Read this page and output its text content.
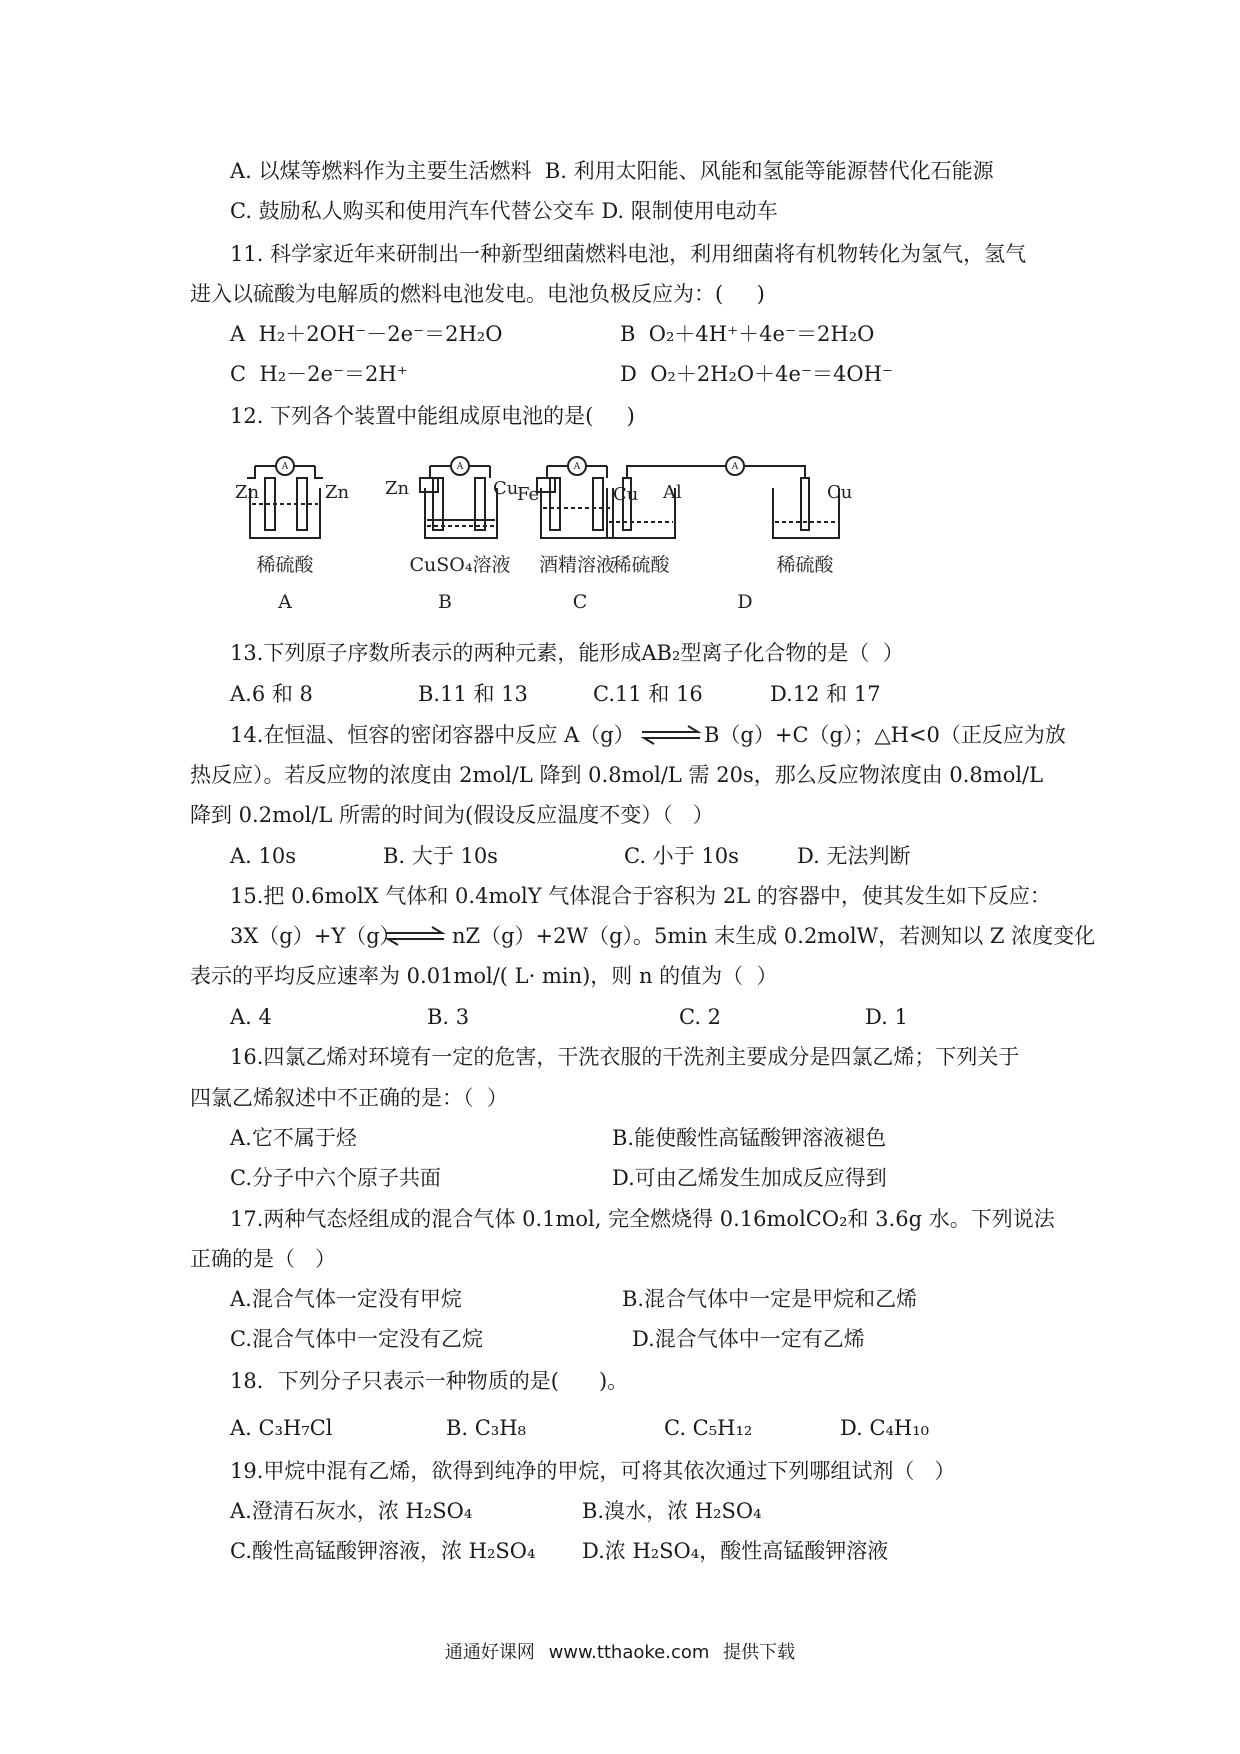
A. 以煤等燃料作为主要生活燃料  B. 利用太阳能、风能和氢能等能源替代化石能源
C. 鼓励私人购买和使用汽车代替公交车 D. 限制使用电动车
11. 科学家近年来研制出一种新型细菌燃料电池，利用细菌将有机物转化为氢气，氢气
进入以硫酸为电解质的燃料电池发电。电池负极反应为：(     )
A  H₂＋2OH⁻－2e⁻＝2H₂O	B  O₂＋4H⁺＋4e⁻＝2H₂O
C  H₂－2e⁻＝2H⁺	D  O₂＋2H₂O＋4e⁻＝4OH⁻
12. 下列各个装置中能组成原电池的是(     )
A	A	A	A
Zn	Zn Zn	Cu
Fe	Cu Al	Cu
稀硫酸	CuSO₄溶液 酒精溶液
稀硫酸	稀硫酸
A	B	C	D
13.下列原子序数所表示的两种元素，能形成AB₂型离子化合物的是（  ）
A.6 和 8	B.11 和 13	C.11 和 16	D.12 和 17
14.在恒温、恒容的密闭容器中反应 A（g） ⇌ B（g）+C（g）；△H<0（正反应为放
热反应）。若反应物的浓度由 2mol/L 降到 0.8mol/L 需 20s，那么反应物浓度由 0.8mol/L
降到 0.2mol/L 所需的时间为(假设反应温度不变）（   ）
A. 10s	B. 大于 10s	C. 小于 10s	D. 无法判断
15.把 0.6molX 气体和 0.4molY 气体混合于容积为 2L 的容器中，使其发生如下反应：
3X（g）+Y（g） ⇌ nZ（g）+2W（g）。5min 末生成 0.2molW，若测知以 Z 浓度变化
表示的平均反应速率为 0.01mol/( L· min)，则 n 的值为（  ）
A. 4	B. 3	C. 2	D. 1
16.四氯乙烯对环境有一定的危害，干洗衣服的干洗剂主要成分是四氯乙烯；下列关于
四氯乙烯叙述中不正确的是：（  ）
A.它不属于烃	B.能使酸性高锰酸钾溶液褪色
C.分子中六个原子共面	D.可由乙烯发生加成反应得到
17.两种气态烃组成的混合气体 0.1mol, 完全燃烧得 0.16molCO₂和 3.6g 水。下列说法
正确的是（   ）
A.混合气体一定没有甲烷	B.混合气体中一定是甲烷和乙烯
C.混合气体中一定没有乙烷	D.混合气体中一定有乙烯
18．下列分子只表示一种物质的是(      )。
A. C₃H₇Cl	B. C₃H₈	C. C₅H₁₂	D. C₄H₁₀
19.甲烷中混有乙烯，欲得到纯净的甲烷，可将其依次通过下列哪组试剂（   ）
A.澄清石灰水，浓 H₂SO₄	B.溴水，浓 H₂SO₄
C.酸性高锰酸钾溶液，浓 H₂SO₄ D.浓 H₂SO₄，酸性高锰酸钾溶液
通通好课网 www.tthaoke.com 提供下载
